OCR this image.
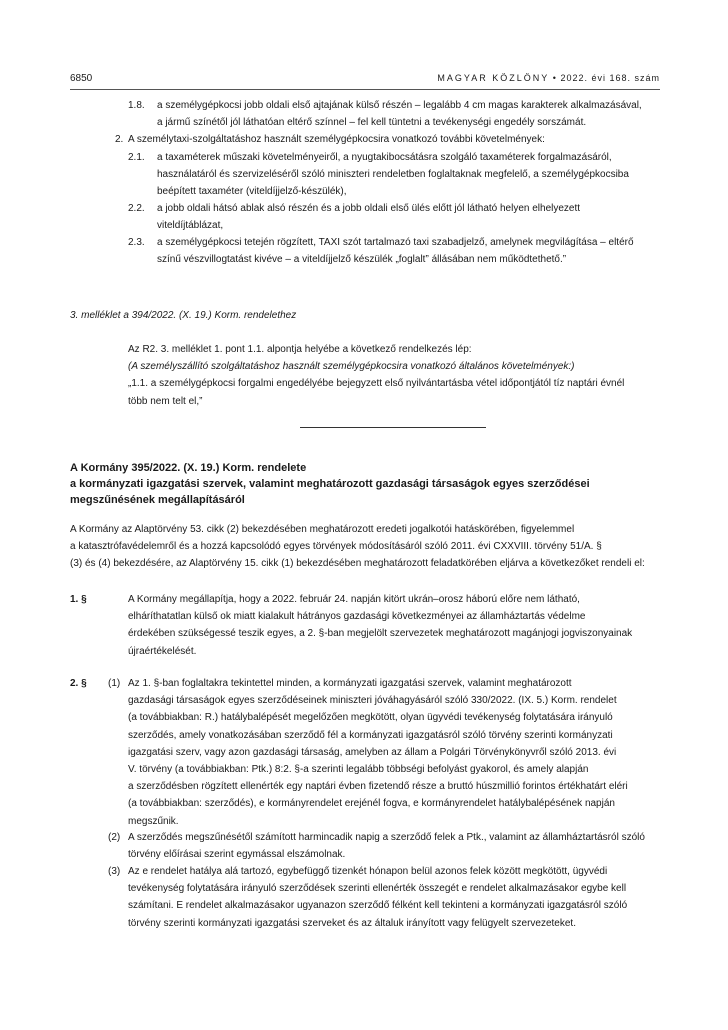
6850	MAGYAR KÖZLÖNY • 2022. évi 168. szám
1.8. a személygépkocsi jobb oldali első ajtajának külső részén – legalább 4 cm magas karakterek alkalmazásával,
a jármű színétől jól láthatóan eltérő színnel – fel kell tüntetni a tevékenységi engedély sorszámát.
2. A személytaxi-szolgáltatáshoz használt személygépkocsira vonatkozó további követelmények:
2.1. a taxaméterek műszaki követelményeiről, a nyugtakibocsátásra szolgáló taxaméterek forgalmazásáról,
használatáról és szervizeléséről szóló miniszteri rendeletben foglaltaknak megfelelő, a személygépkocsiba
beépített taxaméter (viteldíjjelző-készülék),
2.2. a jobb oldali hátsó ablak alsó részén és a jobb oldali első ülés előtt jól látható helyen elhelyezett
viteldíjtáblázat,
2.3. a személygépkocsi tetején rögzített, TAXI szót tartalmazó taxi szabadjelző, amelynek megvilágítása – eltérő
színű vészvillogtatást kivéve – a viteldíjjelző készülék „foglalt” állásában nem működtethető.”
3. melléklet a 394/2022. (X. 19.) Korm. rendelethez
Az R2. 3. melléklet 1. pont 1.1. alpontja helyébe a következő rendelkezés lép:
(A személyszállító szolgáltatáshoz használt személygépkocsira vonatkozó általános követelmények:)
„1.1. a személygépkocsi forgalmi engedélyébe bejegyzett első nyilvántartásba vétel időpontjától tíz naptári évnél
több nem telt el,”
A Kormány 395/2022. (X. 19.) Korm. rendelete
a kormányzati igazgatási szervek, valamint meghatározott gazdasági társaságok egyes szerződései
megszűnésének megállapításáról
A Kormány az Alaptörvény 53. cikk (2) bekezdésében meghatározott eredeti jogalkotói hatáskörében, figyelemmel
a katasztrófavédelemről és a hozzá kapcsolódó egyes törvények módosításáról szóló 2011. évi CXXVIII. törvény 51/A. §
(3) és (4) bekezdésére, az Alaptörvény 15. cikk (1) bekezdésében meghatározott feladatkörében eljárva a következőket rendeli el:
1. §	A Kormány megállapítja, hogy a 2022. február 24. napján kitört ukrán–orosz háború előre nem látható,
elháríthatatlan külső ok miatt kialakult hátrányos gazdasági következményei az államháztartás védelme
érdekében szükségessé teszik egyes, a 2. §-ban megjelölt szervezetek meghatározott magánjogi jogviszonyainak
újraértékelését.
2. § (1) Az 1. §-ban foglaltakra tekintettel minden, a kormányzati igazgatási szervek, valamint meghatározott
gazdasági társaságok egyes szerződéseinek miniszteri jóváhagyásáról szóló 330/2022. (IX. 5.) Korm. rendelet
(a továbbiakban: R.) hatálybalépését megelőzően megkötött, olyan ügyvédi tevékenység folytatására irányuló
szerződés, amely vonatkozásában szerződő fél a kormányzati igazgatásról szóló törvény szerinti kormányzati
igazgatási szerv, vagy azon gazdasági társaság, amelyben az állam a Polgári Törvénykönyvről szóló 2013. évi
V. törvény (a továbbiakban: Ptk.) 8:2. §-a szerinti legalább többségi befolyást gyakorol, és amely alapján
a szerződésben rögzített ellenérték egy naptári évben fizetendő része a bruttó húszmillió forintos értékhatárt eléri
(a továbbiakban: szerződés), e kormányrendelet erejénél fogva, e kormányrendelet hatálybalépésének napján
megszűnik.
(2) A szerződés megszűnésétől számított harmincadik napig a szerződő felek a Ptk., valamint az államháztartásról szóló
törvény előírásai szerint egymással elszámolnak.
(3) Az e rendelet hatálya alá tartozó, egybefüggő tizenkét hónapon belül azonos felek között megkötött, ügyvédi
tevékenység folytatására irányuló szerződések szerinti ellenérték összegét e rendelet alkalmazásakor egybe kell
számítani. E rendelet alkalmazásakor ugyanazon szerződő félként kell tekinteni a kormányzati igazgatásról szóló
törvény szerinti kormányzati igazgatási szerveket és az általuk irányított vagy felügyelt szervezeteket.
